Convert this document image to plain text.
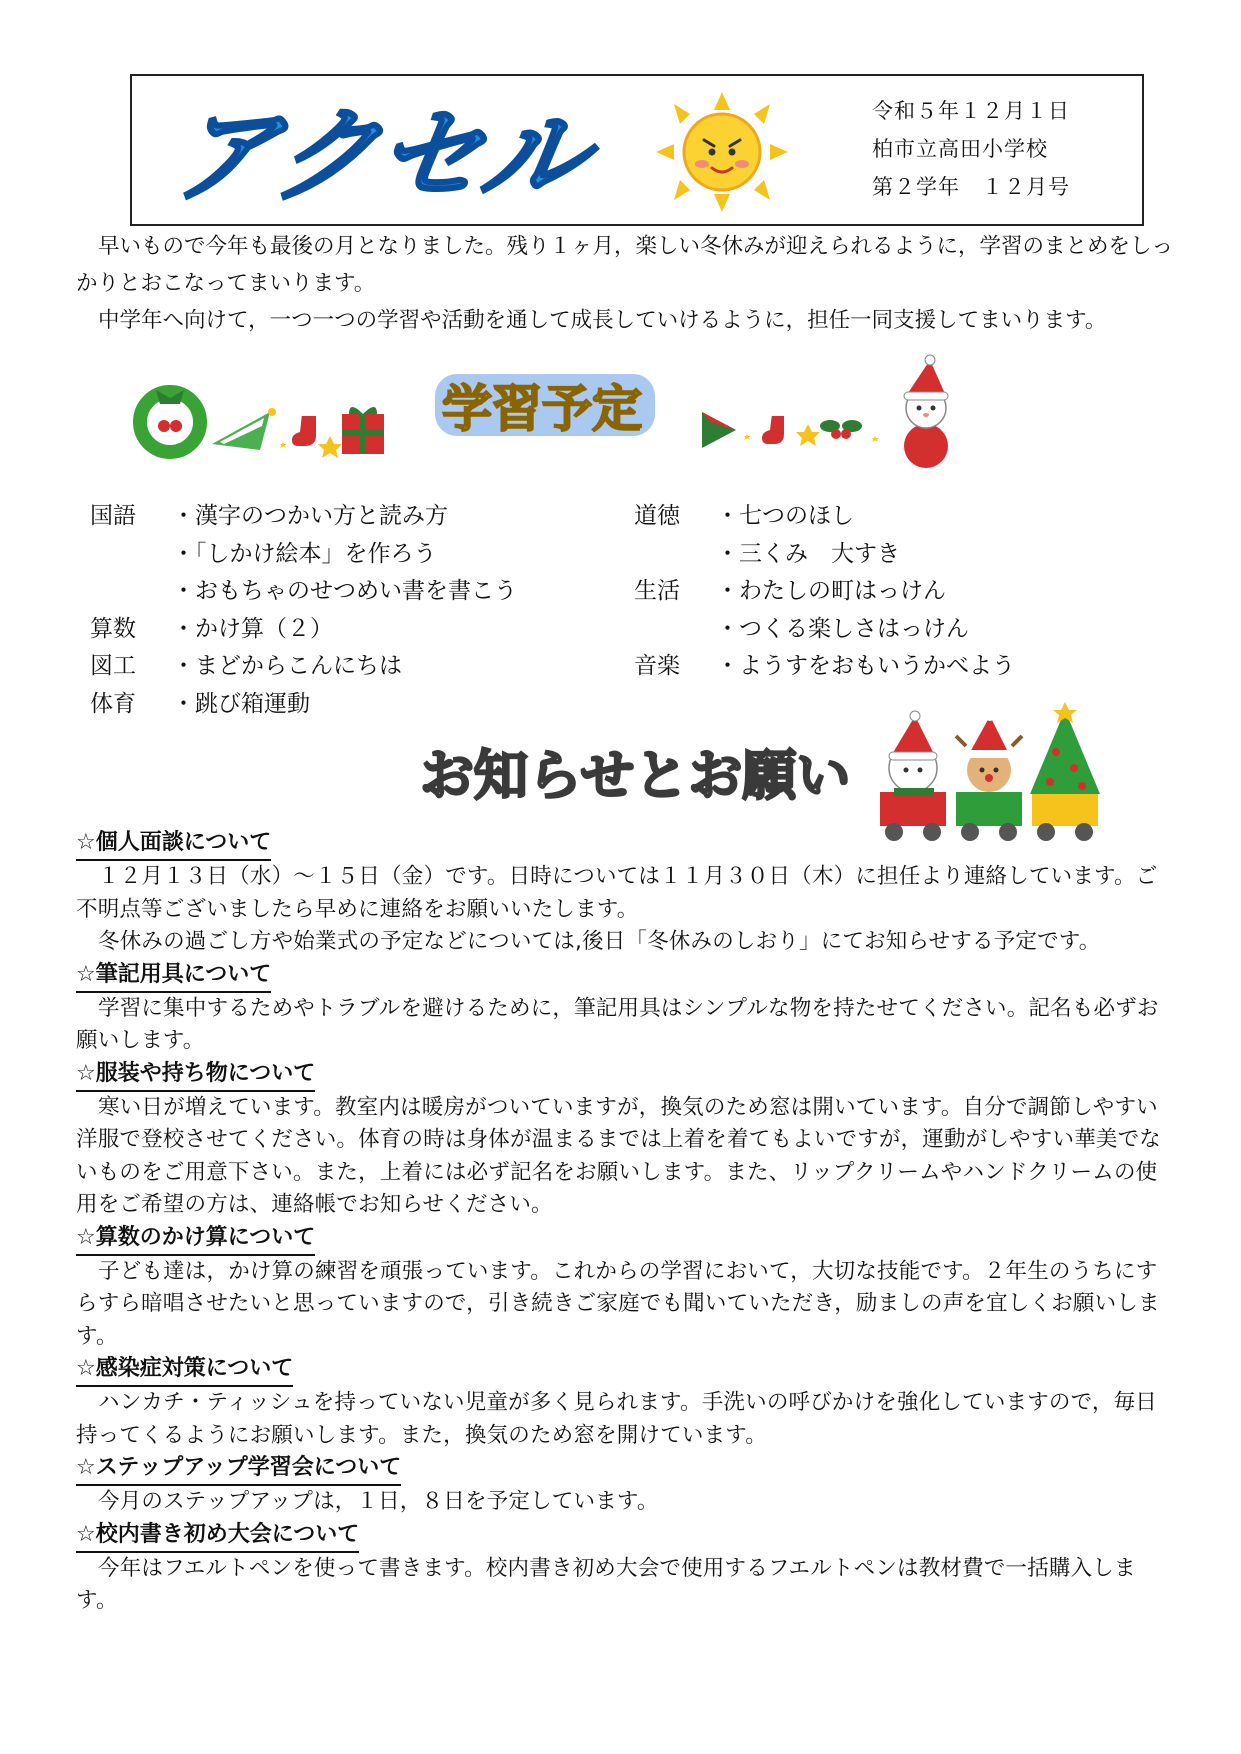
アクセル	令和５年１２月１日
柏市立高田小学校
第２学年　１２月号

早いもので今年も最後の月となりました。残り１ヶ月，楽しい冬休みが迎えられるように，学習のまとめをしっかりとおこなってまいります。

中学年へ向けて，一つ一つの学習や活動を通して成長していけるように，担任一同支援してまいります。

学習予定
国語 ・漢字のつかい方と読み方
・「しかけ絵本」を作ろう
・おもちゃのせつめい書を書こう
算数 ・かけ算（２）
図工 ・まどからこんにちは
体育 ・跳び箱運動
道徳 ・七つのほし
・三くみ　大すき
生活 ・わたしの町はっけん
・つくる楽しさはっけん
音楽 ・ようすをおもいうかべよう
お知らせとお願い
☆個人面談について

１２月１３日（水）～１５日（金）です。日時については１１月３０日（木）に担任より連絡しています。ご不明点等ございましたら早めに連絡をお願いいたします。

冬休みの過ごし方や始業式の予定などについては,後日「冬休みのしおり」にてお知らせする予定です。

☆筆記用具について

学習に集中するためやトラブルを避けるために，筆記用具はシンプルな物を持たせてください。記名も必ずお願いします。

☆服装や持ち物について

寒い日が増えています。教室内は暖房がついていますが，換気のため窓は開いています。自分で調節しやすい洋服で登校させてください。体育の時は身体が温まるまでは上着を着てもよいですが，運動がしやすい華美でないものをご用意下さい。また，上着には必ず記名をお願いします。また、リップクリームやハンドクリームの使用をご希望の方は、連絡帳でお知らせください。

☆算数のかけ算について

子ども達は，かけ算の練習を頑張っています。これからの学習において，大切な技能です。２年生のうちにすらすら暗唱させたいと思っていますので，引き続きご家庭でも聞いていただき，励ましの声を宜しくお願いします。

☆感染症対策について

ハンカチ・ティッシュを持っていない児童が多く見られます。手洗いの呼びかけを強化していますので，毎日持ってくるようにお願いします。また，換気のため窓を開けています。

☆ステップアップ学習会について

今月のステップアップは，１日，８日を予定しています。

☆校内書き初め大会について

今年はフエルトペンを使って書きます。校内書き初め大会で使用するフエルトペンは教材費で一括購入します。
